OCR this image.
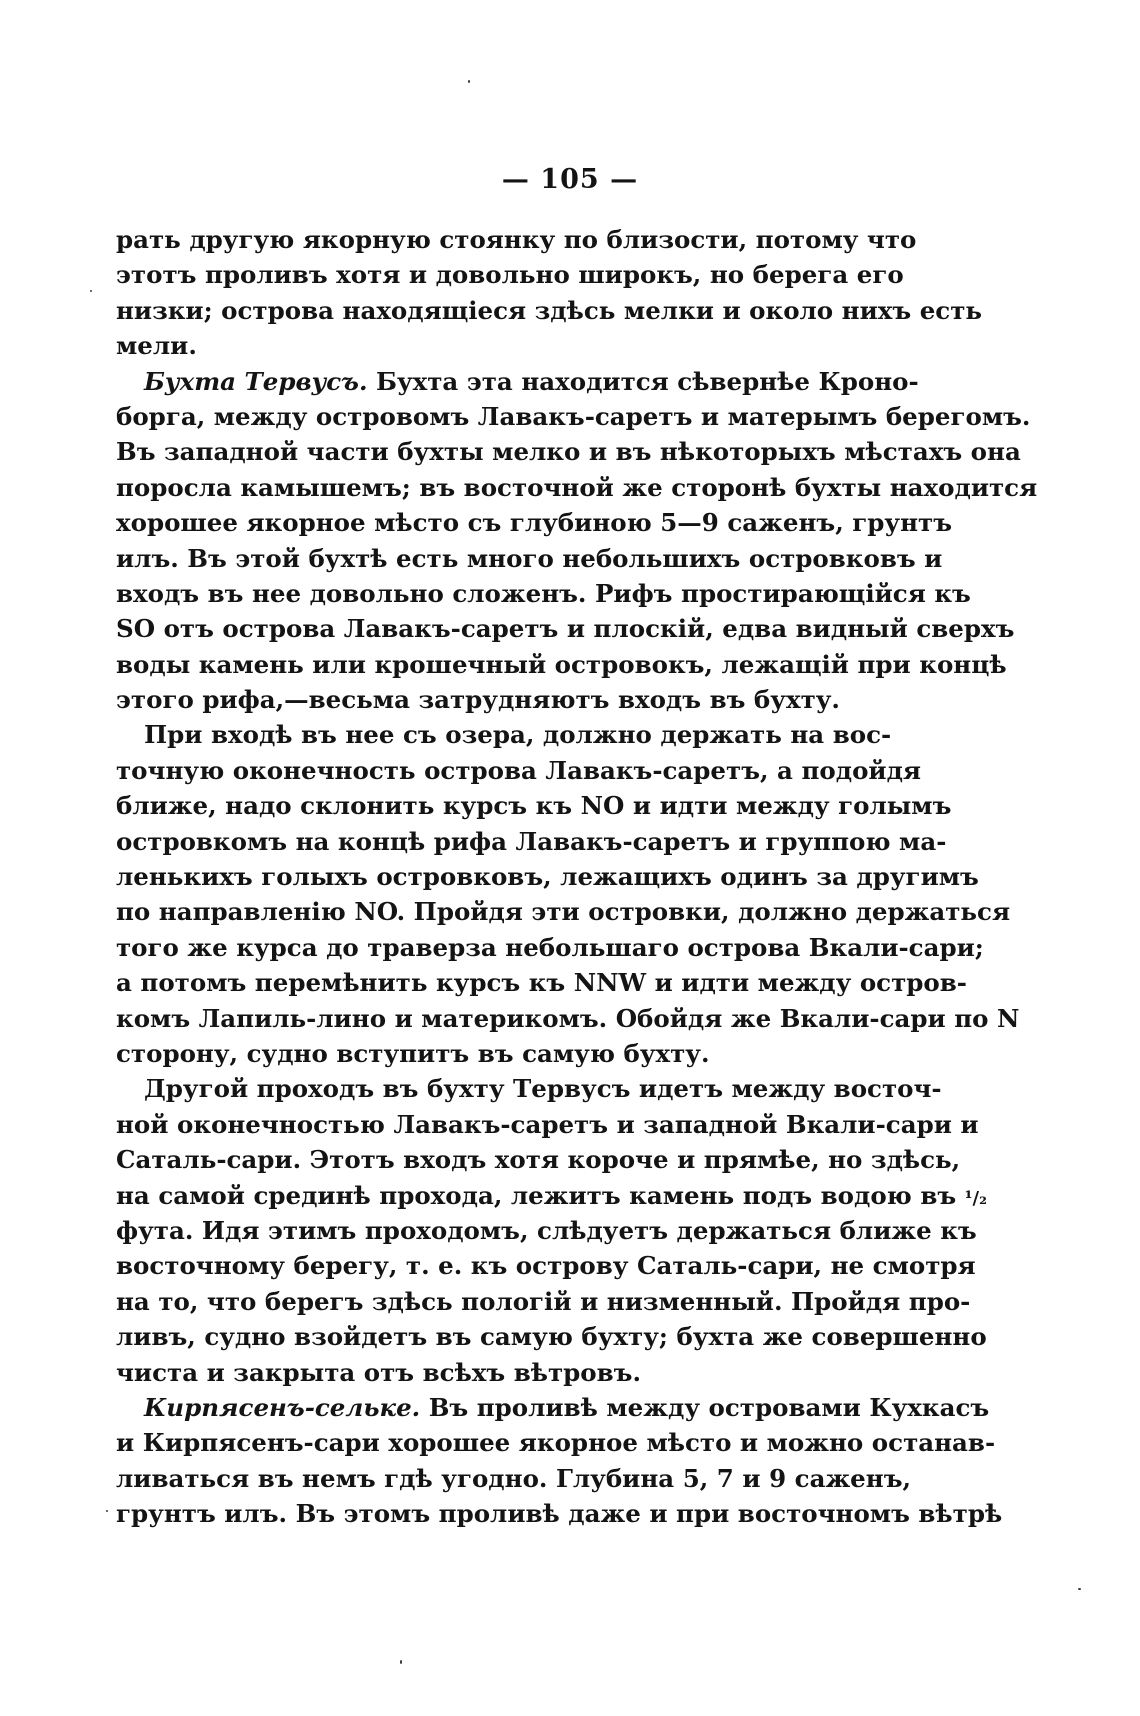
— 105 —
рать другую якорную стоянку по близости, потому что
этотъ проливъ хотя и довольно широкъ, но берега его
низки; острова находящіеся здѣсь мелки и около нихъ есть
мели.
Бухта Тервусъ. Бухта эта находится сѣвернѣе Кроно-
борга, между островомъ Лавакъ-саретъ и матерымъ берегомъ.
Въ западной части бухты мелко и въ нѣкоторыхъ мѣстахъ она
поросла камышемъ; въ восточной же сторонѣ бухты находится
хорошее якорное мѣсто съ глубиною 5—9 саженъ, грунтъ
илъ. Въ этой бухтѣ есть много небольшихъ островковъ и
входъ въ нее довольно сложенъ. Рифъ простирающійся къ
SO отъ острова Лавакъ-саретъ и плоскій, едва видный сверхъ
воды камень или крошечный островокъ, лежащій при концѣ
этого рифа,—весьма затрудняютъ входъ въ бухту.
При входѣ въ нее съ озера, должно держать на вос-
точную оконечность острова Лавакъ-саретъ, а подойдя
ближе, надо склонить курсъ къ NO и идти между голымъ
островкомъ на концѣ рифа Лавакъ-саретъ и группою ма-
ленькихъ голыхъ островковъ, лежащихъ одинъ за другимъ
по направленію NO. Пройдя эти островки, должно держаться
того же курса до траверза небольшаго острова Вкали-сари;
а потомъ перемѣнить курсъ къ NNW и идти между остров-
комъ Лапиль-лино и материкомъ. Обойдя же Вкали-сари по N
сторону, судно вступитъ въ самую бухту.
Другой проходъ въ бухту Тервусъ идетъ между восточ-
ной оконечностью Лавакъ-саретъ и западной Вкали-сари и
Саталь-сари. Этотъ входъ хотя короче и прямѣе, но здѣсь,
на самой срединѣ прохода, лежитъ камень подъ водою въ ¹/₂
фута. Идя этимъ проходомъ, слѣдуетъ держаться ближе къ
восточному берегу, т. е. къ острову Саталь-сари, не смотря
на то, что берегъ здѣсь пологій и низменный. Пройдя про-
ливъ, судно взойдетъ въ самую бухту; бухта же совершенно
чиста и закрыта отъ всѣхъ вѣтровъ.
Кирпясенъ-сельке. Въ проливѣ между островами Кухкасъ
и Кирпясенъ-сари хорошее якорное мѣсто и можно останав-
ливаться въ немъ гдѣ угодно. Глубина 5, 7 и 9 саженъ,
грунтъ илъ. Въ этомъ проливѣ даже и при восточномъ вѣтрѣ
